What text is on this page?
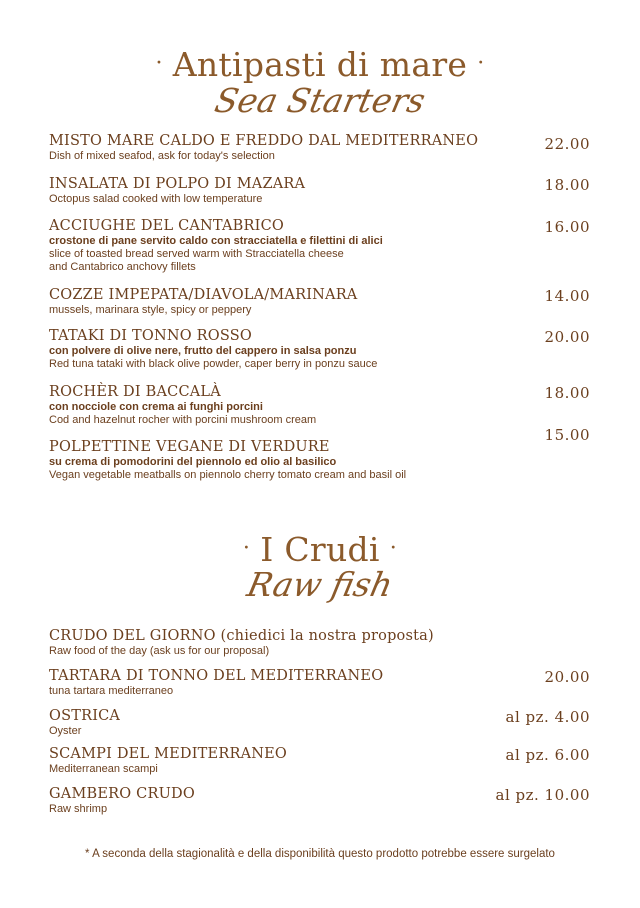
· Antipasti di mare ·
Sea Starters
MISTO MARE CALDO E FREDDO DAL MEDITERRANEO
Dish of mixed seafod, ask for today's selection
22.00
INSALATA DI POLPO DI MAZARA
Octopus salad cooked with low temperature
18.00
ACCIUGHE DEL CANTABRICO
crostone di pane servito caldo con stracciatella e filettini di alici
slice of toasted bread served warm with Stracciatella cheese
and Cantabrico anchovy fillets
16.00
COZZE IMPEPATA/DIAVOLA/MARINARA
mussels, marinara style, spicy or peppery
14.00
TATAKI DI TONNO ROSSO
con polvere di olive nere, frutto del cappero in salsa ponzu
Red tuna tataki with black olive powder, caper berry in ponzu sauce
20.00
ROCHÈR DI BACCALÀ
con nocciole con crema ai funghi porcini
Cod and hazelnut rocher with porcini mushroom cream
18.00
POLPETTINE VEGANE DI VERDURE
su crema di pomodorini del piennolo ed olio al basilico
Vegan vegetable meatballs on piennolo cherry tomato cream and basil oil
15.00
· I Crudi ·
Raw fish
CRUDO DEL GIORNO (chiedici la nostra proposta)
Raw food of the day (ask us for our proposal)
TARTARA DI TONNO DEL MEDITERRANEO
tuna tartara mediterraneo
20.00
OSTRICA
Oyster
al pz. 4.00
SCAMPI DEL MEDITERRANEO
Mediterranean scampi
al pz. 6.00
GAMBERO CRUDO
Raw shrimp
al pz. 10.00
* A seconda della stagionalità e della disponibilità questo prodotto potrebbe essere surgelato
